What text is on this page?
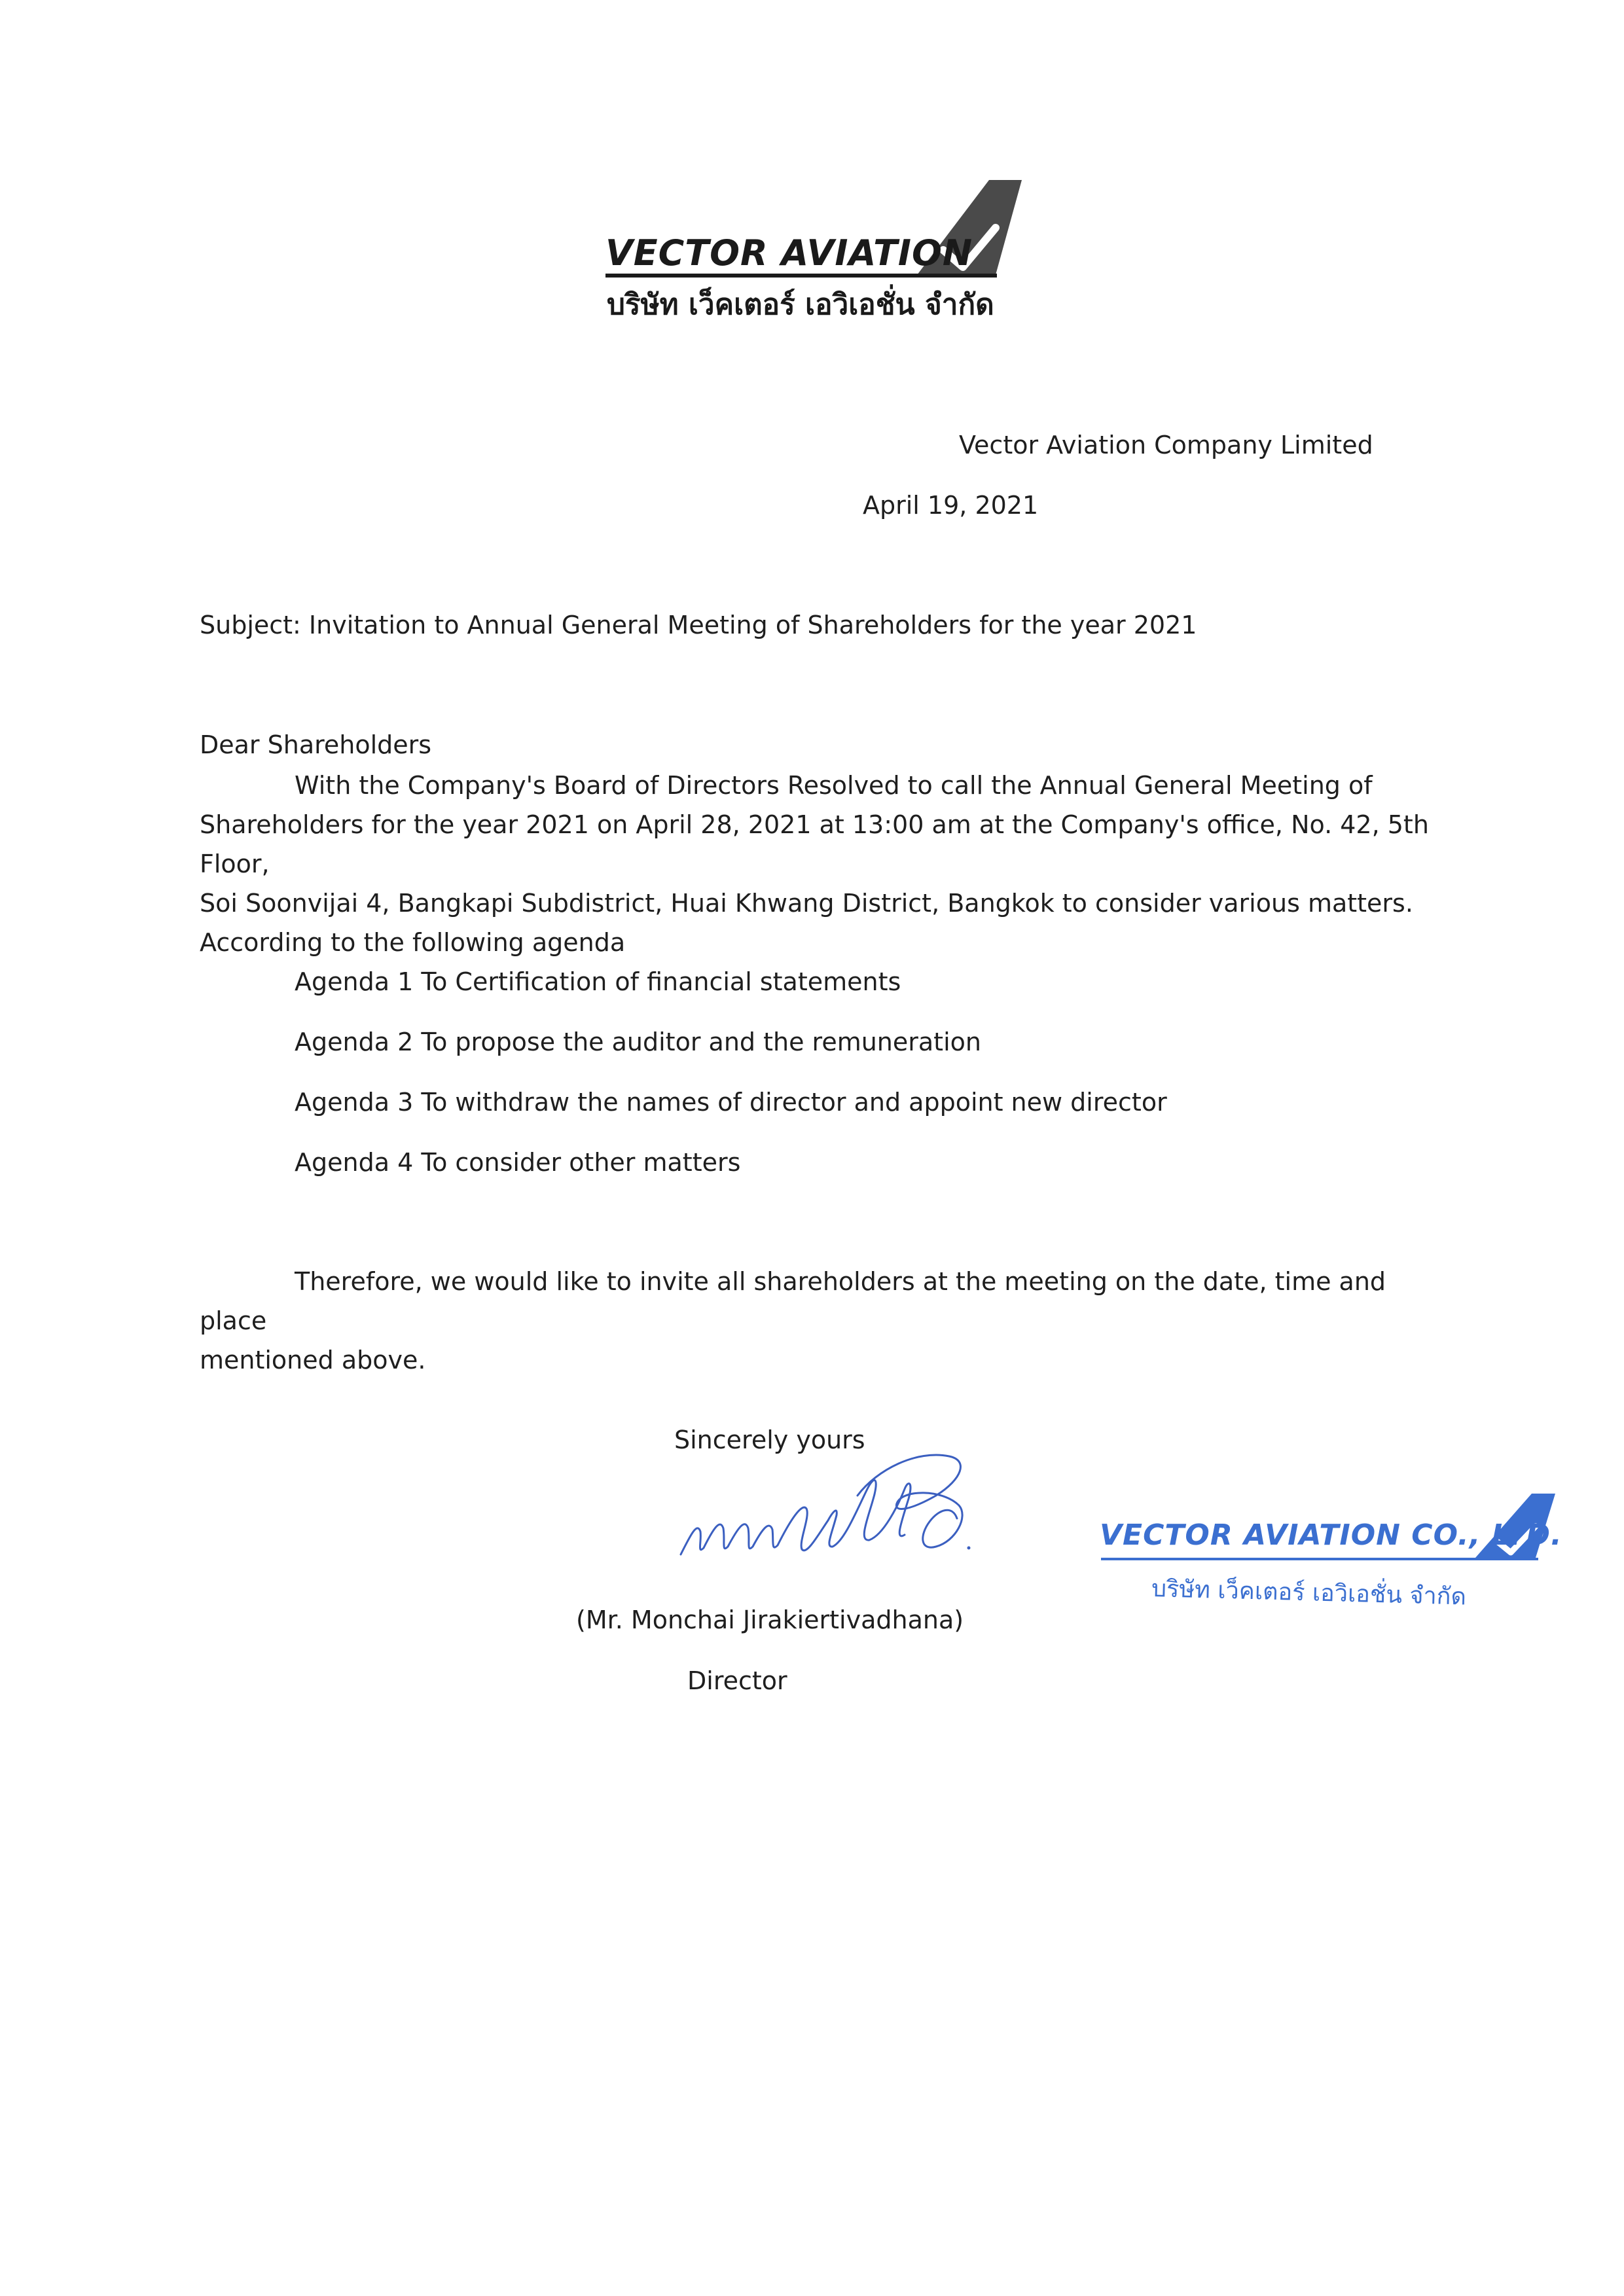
VECTOR AVIATION
บริษัท เว็คเตอร์ เอวิเอชั่น จำกัด
Vector Aviation Company Limited
April 19, 2021
Subject: Invitation to Annual General Meeting of Shareholders for the year 2021
Dear Shareholders

With the Company's Board of Directors Resolved to call the Annual General Meeting of

Shareholders for the year 2021 on April 28, 2021 at 13:00 am at the Company's office, No. 42, 5th Floor,

Soi Soonvijai 4, Bangkapi Subdistrict, Huai Khwang District, Bangkok to consider various matters.

According to the following agenda

Agenda 1 To Certification of financial statements
Agenda 2 To propose the auditor and the remuneration
Agenda 3 To withdraw the names of director and appoint new director
Agenda 4 To consider other matters

Therefore, we would like to invite all shareholders at the meeting on the date, time and place

mentioned above.

Sincerely yours
(Mr. Monchai Jirakiertivadhana)
Director
VECTOR AVIATION CO., LTD.
บริษัท เว็คเตอร์ เอวิเอชั่น จำกัด
